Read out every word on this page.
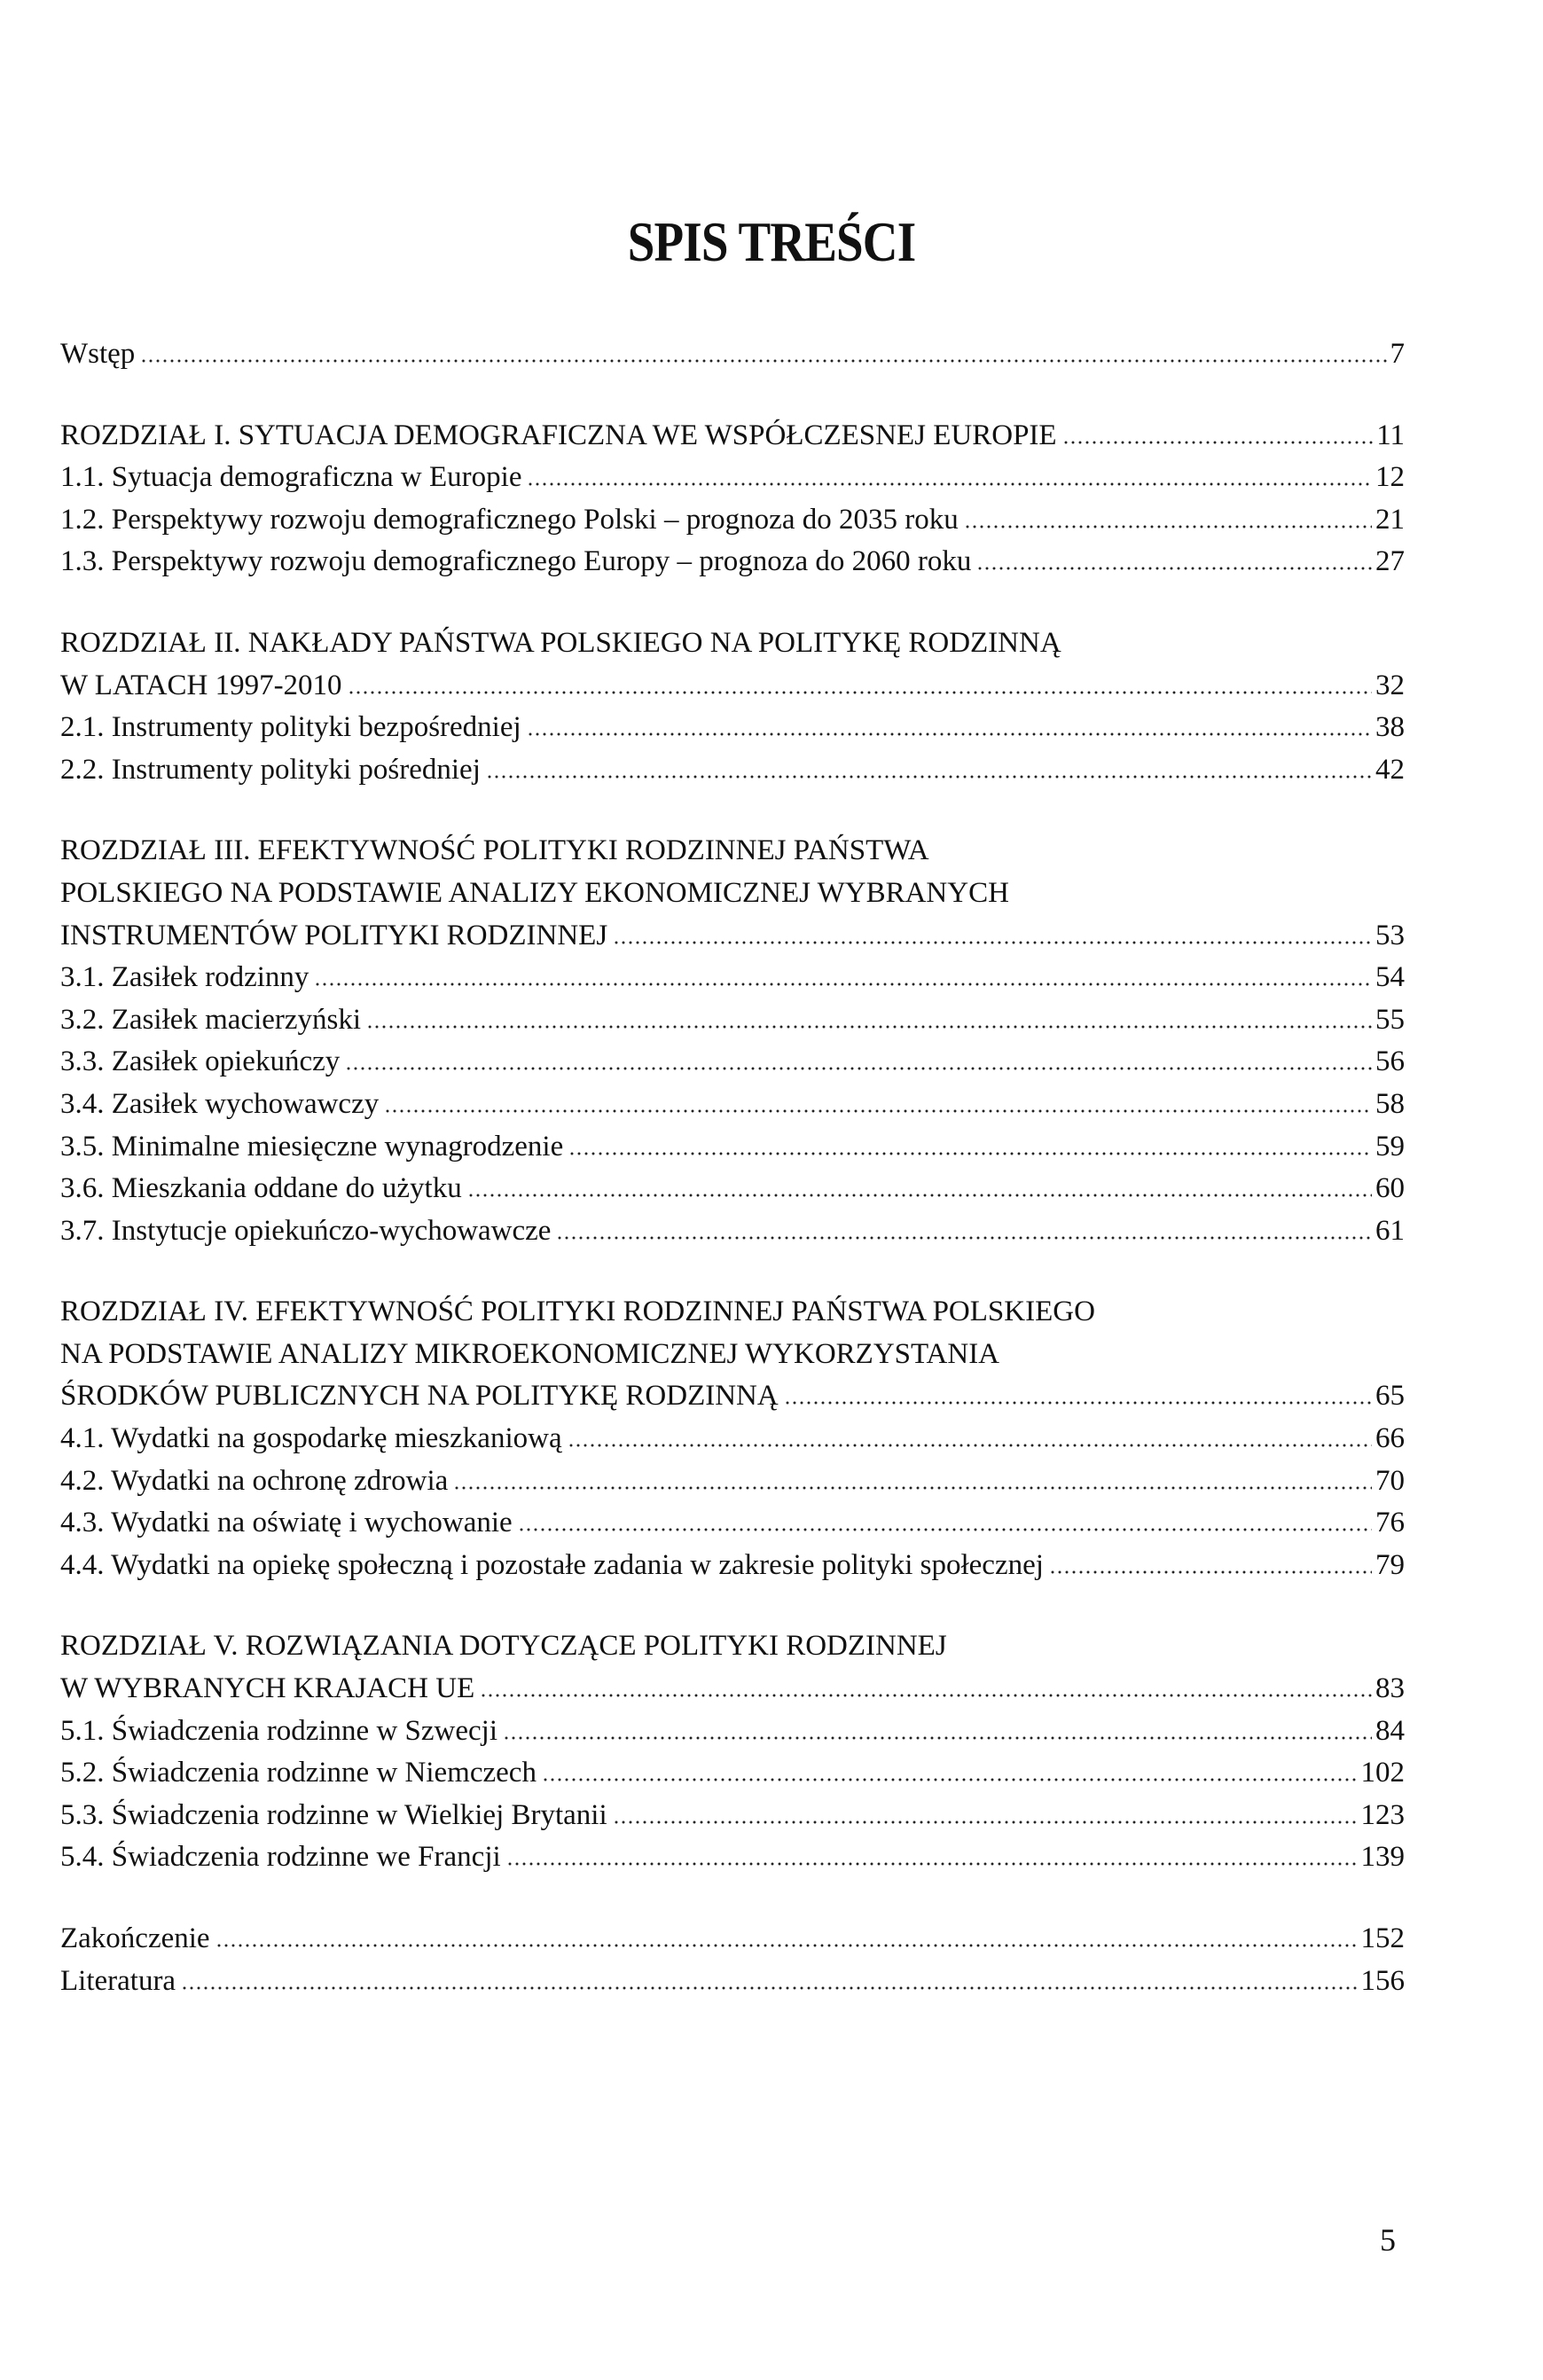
SPIS TREŚCI
Wstęp	7
ROZDZIAŁ I. SYTUACJA DEMOGRAFICZNA WE WSPÓŁCZESNEJ EUROPIE	11
1.1. Sytuacja demograficzna w Europie	12
1.2. Perspektywy rozwoju demograficznego Polski – prognoza do 2035 roku	21
1.3. Perspektywy rozwoju demograficznego Europy – prognoza do 2060 roku	27
ROZDZIAŁ II. NAKŁADY PAŃSTWA POLSKIEGO NA POLITYKĘ RODZINNĄ
W LATACH 1997-2010	32
2.1. Instrumenty polityki bezpośredniej	38
2.2. Instrumenty polityki pośredniej	42
ROZDZIAŁ III. EFEKTYWNOŚĆ POLITYKI RODZINNEJ PAŃSTWA
POLSKIEGO NA PODSTAWIE ANALIZY EKONOMICZNEJ WYBRANYCH
INSTRUMENTÓW POLITYKI RODZINNEJ	53
3.1. Zasiłek rodzinny	54
3.2. Zasiłek macierzyński	55
3.3. Zasiłek opiekuńczy	56
3.4. Zasiłek wychowawczy	58
3.5. Minimalne miesięczne wynagrodzenie	59
3.6. Mieszkania oddane do użytku	60
3.7. Instytucje opiekuńczo-wychowawcze	61
ROZDZIAŁ IV. EFEKTYWNOŚĆ POLITYKI RODZINNEJ PAŃSTWA POLSKIEGO
NA PODSTAWIE ANALIZY MIKROEKONOMICZNEJ WYKORZYSTANIA
ŚRODKÓW PUBLICZNYCH NA POLITYKĘ RODZINNĄ	65
4.1. Wydatki na gospodarkę mieszkaniową	66
4.2. Wydatki na ochronę zdrowia	70
4.3. Wydatki na oświatę i wychowanie	76
4.4. Wydatki na opiekę społeczną i pozostałe zadania w zakresie polityki społecznej	79
ROZDZIAŁ V. ROZWIĄZANIA DOTYCZĄCE POLITYKI RODZINNEJ
W WYBRANYCH KRAJACH UE	83
5.1. Świadczenia rodzinne w Szwecji	84
5.2. Świadczenia rodzinne w Niemczech	102
5.3. Świadczenia rodzinne w Wielkiej Brytanii	123
5.4. Świadczenia rodzinne we Francji	139
Zakończenie	152
Literatura	156
5
